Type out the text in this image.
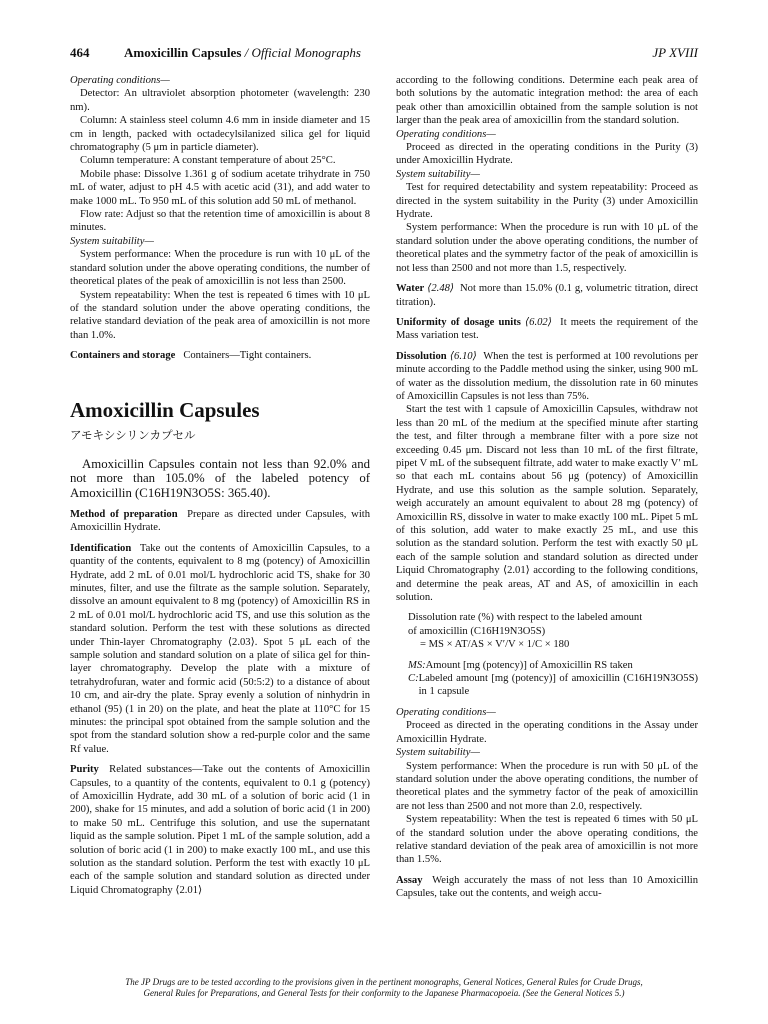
464	Amoxicillin Capsules / Official Monographs	JP XVIII

Operating conditions—

Detector: An ultraviolet absorption photometer (wavelength: 230 nm).

Column: A stainless steel column 4.6 mm in inside diameter and 15 cm in length, packed with octadecylsilanized silica gel for liquid chromatography (5 μm in particle diameter).

Column temperature: A constant temperature of about 25°C.

Mobile phase: Dissolve 1.361 g of sodium acetate trihydrate in 750 mL of water, adjust to pH 4.5 with acetic acid (31), and add water to make 1000 mL. To 950 mL of this solution add 50 mL of methanol.

Flow rate: Adjust so that the retention time of amoxicillin is about 8 minutes.

System suitability—

System performance: When the procedure is run with 10 μL of the standard solution under the above operating conditions, the number of theoretical plates of the peak of amoxicillin is not less than 2500.

System repeatability: When the test is repeated 6 times with 10 μL of the standard solution under the above operating conditions, the relative standard deviation of the peak area of amoxicillin is not more than 1.0%.

Containers and storage Containers—Tight containers.

Amoxicillin Capsules
アモキシシリンカプセル

Amoxicillin Capsules contain not less than 92.0% and not more than 105.0% of the labeled potency of Amoxicillin (C16H19N3O5S: 365.40).

Method of preparation Prepare as directed under Capsules, with Amoxicillin Hydrate.

Identification Take out the contents of Amoxicillin Capsules, to a quantity of the contents, equivalent to 8 mg (potency) of Amoxicillin Hydrate, add 2 mL of 0.01 mol/L hydrochloric acid TS, shake for 30 minutes, filter, and use the filtrate as the sample solution. Separately, dissolve an amount equivalent to 8 mg (potency) of Amoxicillin RS in 2 mL of 0.01 mol/L hydrochloric acid TS, and use this solution as the standard solution. Perform the test with these solutions as directed under Thin-layer Chromatography ⟨2.03⟩. Spot 5 μL each of the sample solution and standard solution on a plate of silica gel for thin-layer chromatography. Develop the plate with a mixture of tetrahydrofuran, water and formic acid (50:5:2) to a distance of about 10 cm, and air-dry the plate. Spray evenly a solution of ninhydrin in ethanol (95) (1 in 20) on the plate, and heat the plate at 110°C for 15 minutes: the principal spot obtained from the sample solution and the spot from the standard solution show a red-purple color and the same Rf value.

Purity Related substances—Take out the contents of Amoxicillin Capsules, to a quantity of the contents, equivalent to 0.1 g (potency) of Amoxicillin Hydrate, add 30 mL of a solution of boric acid (1 in 200), shake for 15 minutes, and add a solution of boric acid (1 in 200) to make 50 mL. Centrifuge this solution, and use the supernatant liquid as the sample solution. Pipet 1 mL of the sample solution, add a solution of boric acid (1 in 200) to make exactly 100 mL, and use this solution as the standard solution. Perform the test with exactly 10 μL each of the sample solution and standard solution as directed under Liquid Chromatography ⟨2.01⟩

according to the following conditions. Determine each peak area of both solutions by the automatic integration method: the area of each peak other than amoxicillin obtained from the sample solution is not larger than the peak area of amoxicillin from the standard solution.

Operating conditions—

Proceed as directed in the operating conditions in the Purity (3) under Amoxicillin Hydrate.

System suitability—

Test for required detectability and system repeatability: Proceed as directed in the system suitability in the Purity (3) under Amoxicillin Hydrate.

System performance: When the procedure is run with 10 μL of the standard solution under the above operating conditions, the number of theoretical plates and the symmetry factor of the peak of amoxicillin is not less than 2500 and not more than 1.5, respectively.

Water ⟨2.48⟩ Not more than 15.0% (0.1 g, volumetric titration, direct titration).

Uniformity of dosage units ⟨6.02⟩ It meets the requirement of the Mass variation test.

Dissolution ⟨6.10⟩ When the test is performed at 100 revolutions per minute according to the Paddle method using the sinker, using 900 mL of water as the dissolution medium, the dissolution rate in 60 minutes of Amoxicillin Capsules is not less than 75%.

Start the test with 1 capsule of Amoxicillin Capsules, withdraw not less than 20 mL of the medium at the specified minute after starting the test, and filter through a membrane filter with a pore size not exceeding 0.45 μm. Discard not less than 10 mL of the first filtrate, pipet V mL of the subsequent filtrate, add water to make exactly V′ mL so that each mL contains about 56 μg (potency) of Amoxicillin Hydrate, and use this solution as the sample solution. Separately, weigh accurately an amount equivalent to about 28 mg (potency) of Amoxicillin RS, dissolve in water to make exactly 100 mL. Pipet 5 mL of this solution, add water to make exactly 25 mL, and use this solution as the standard solution. Perform the test with exactly 50 μL each of the sample solution and standard solution as directed under Liquid Chromatography ⟨2.01⟩ according to the following conditions, and determine the peak areas, AT and AS, of amoxicillin in each solution.

Dissolution rate (%) with respect to the labeled amount
of amoxicillin (C16H19N3O5S)
= MS × AT/AS × V′/V × 1/C × 180
MS: Amount [mg (potency)] of Amoxicillin RS taken
C: Labeled amount [mg (potency)] of amoxicillin (C16H19N3O5S) in 1 capsule

Operating conditions—

Proceed as directed in the operating conditions in the Assay under Amoxicillin Hydrate.

System suitability—

System performance: When the procedure is run with 50 μL of the standard solution under the above operating conditions, the number of theoretical plates and the symmetry factor of the peak of amoxicillin are not less than 2500 and not more than 2.0, respectively.

System repeatability: When the test is repeated 6 times with 50 μL of the standard solution under the above operating conditions, the relative standard deviation of the peak area of amoxicillin is not more than 1.5%.

Assay Weigh accurately the mass of not less than 10 Amoxicillin Capsules, take out the contents, and weigh accu-

The JP Drugs are to be tested according to the provisions given in the pertinent monographs, General Notices, General Rules for Crude Drugs,
General Rules for Preparations, and General Tests for their conformity to the Japanese Pharmacopoeia. (See the General Notices 5.)
